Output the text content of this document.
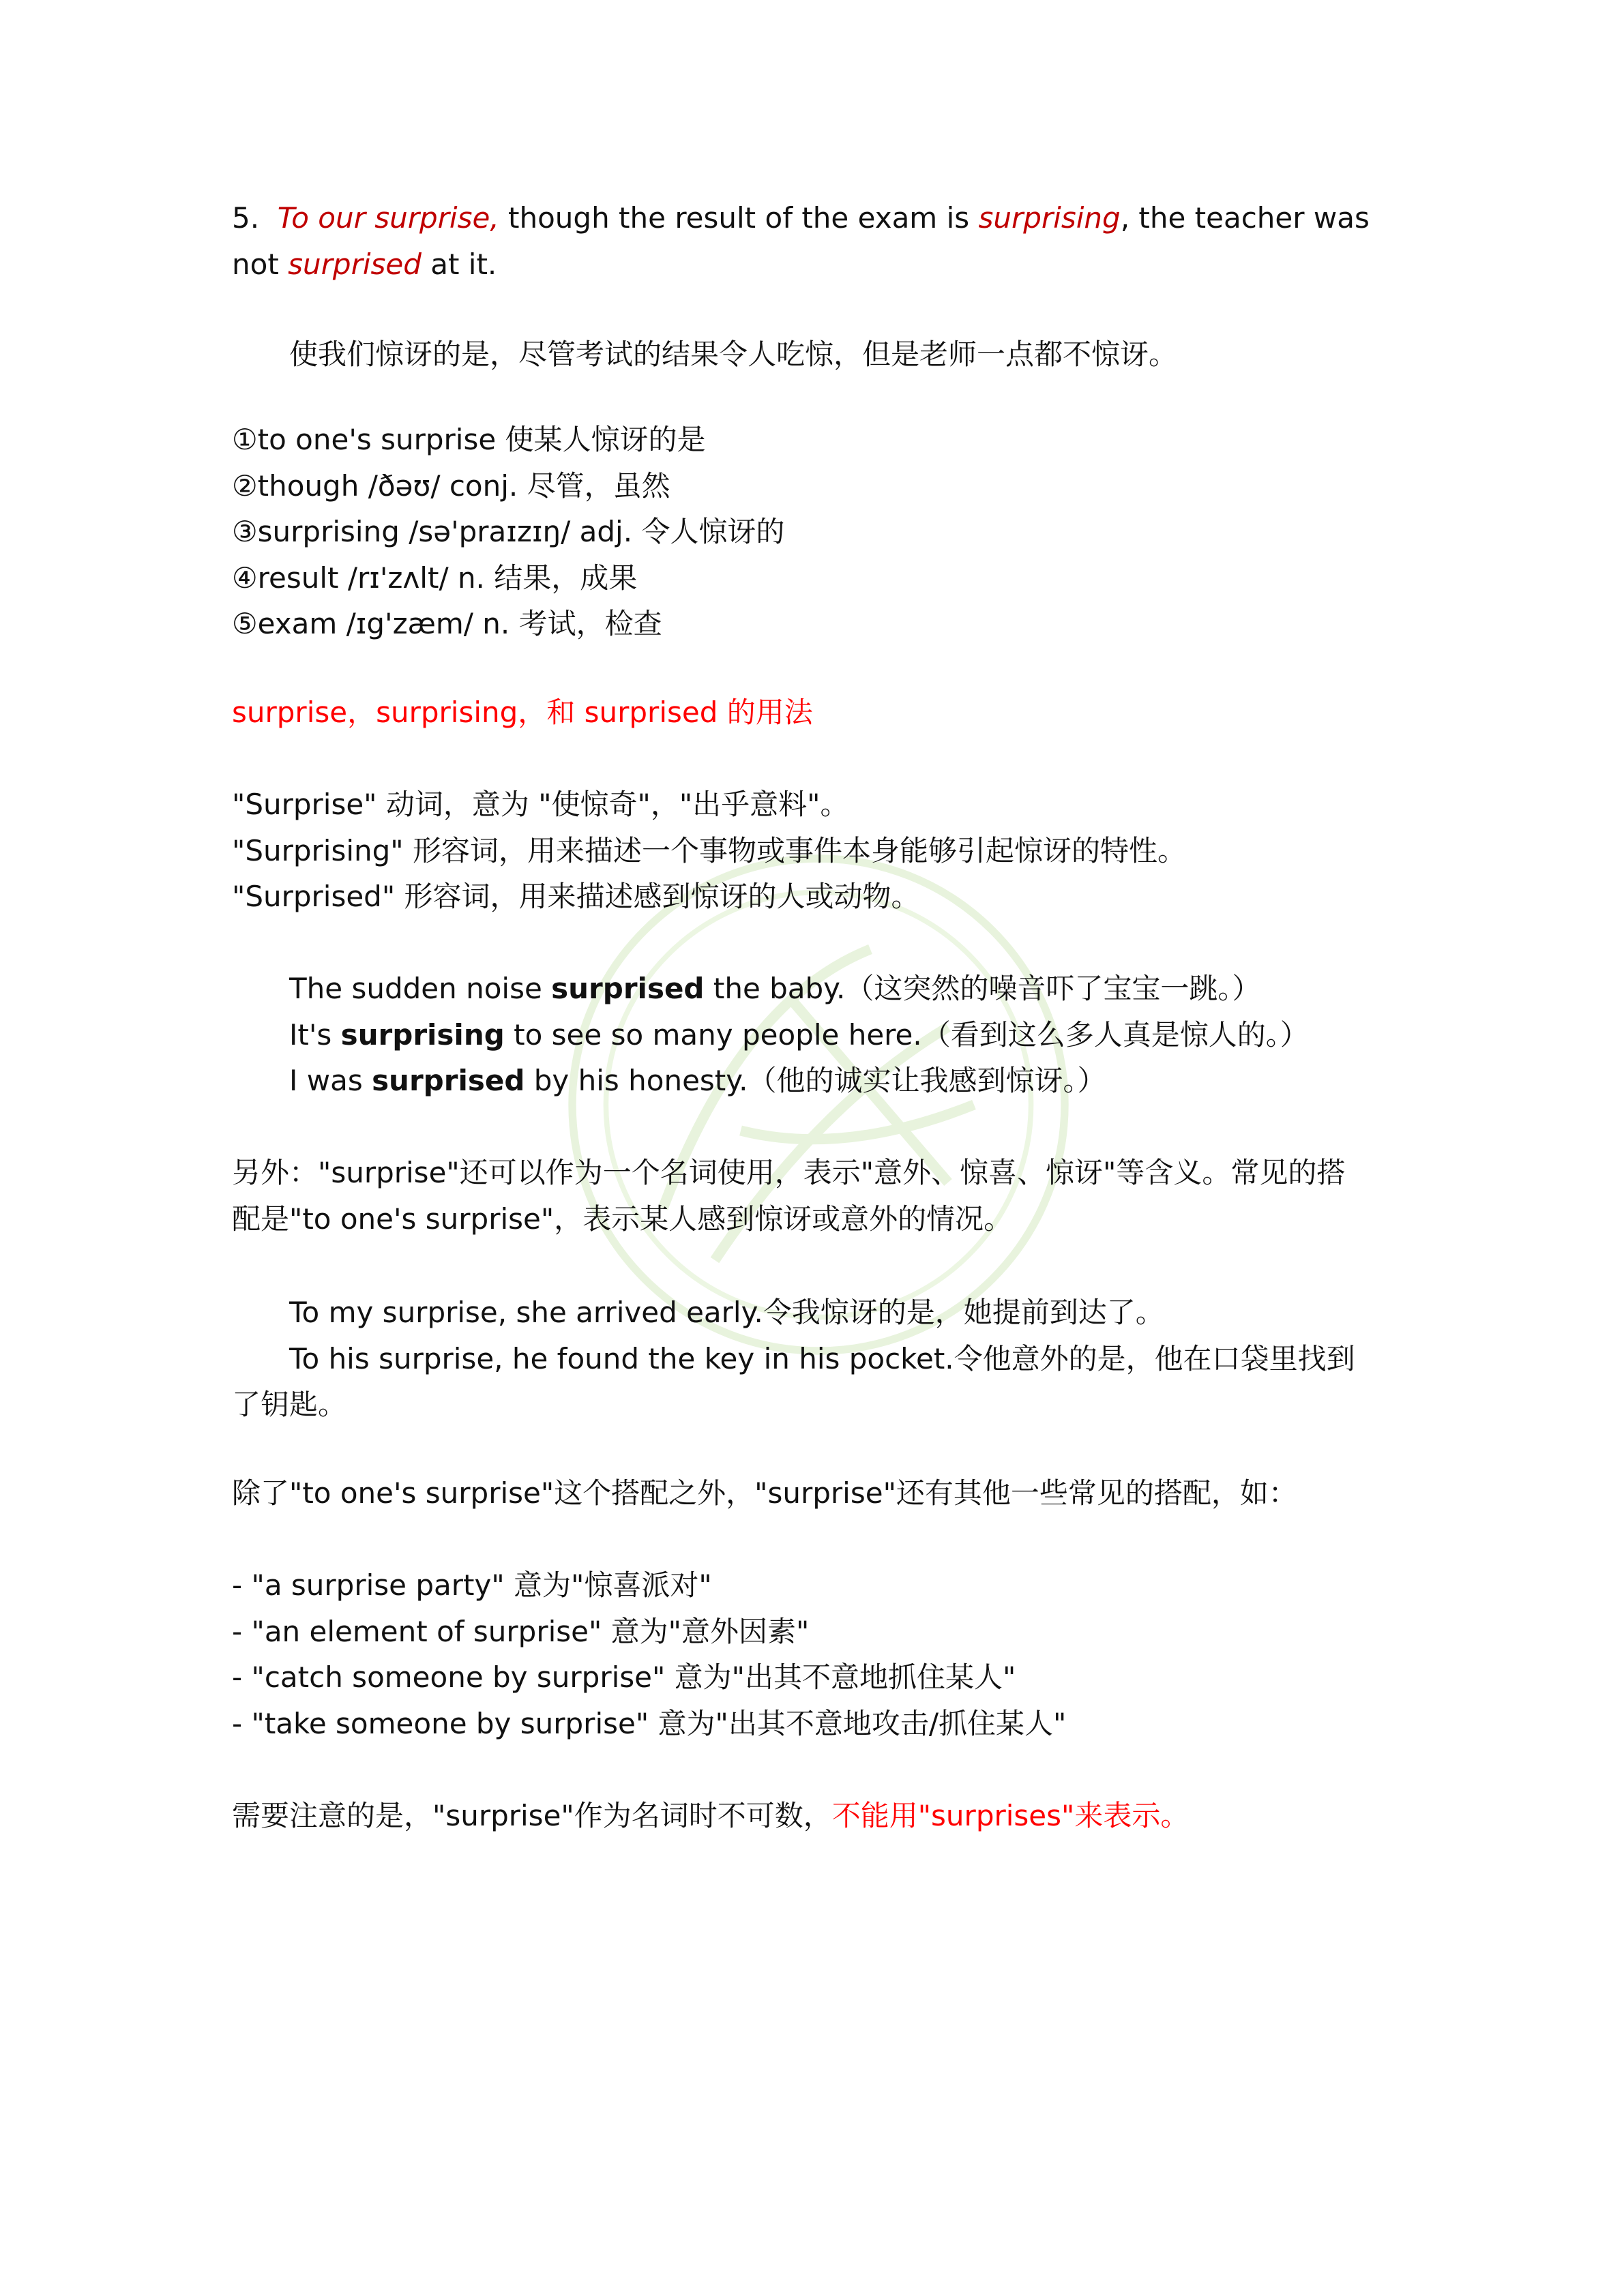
5. To our surprise, though the result of the exam is surprising, the teacher was
not surprised at it.
使我们惊讶的是，尽管考试的结果令人吃惊，但是老师一点都不惊讶。
①to one's surprise 使某人惊讶的是
②though /ðəʊ/ conj. 尽管，虽然
③surprising /sə'praɪzɪŋ/ adj. 令人惊讶的
④result /rɪ'zʌlt/ n. 结果，成果
⑤exam /ɪg'zæm/ n. 考试，检查
surprise，surprising，和 surprised 的用法
"Surprise" 动词，意为 "使惊奇"，"出乎意料"。
"Surprising" 形容词，用来描述一个事物或事件本身能够引起惊讶的特性。
"Surprised" 形容词，用来描述感到惊讶的人或动物。
The sudden noise surprised the baby.（这突然的噪音吓了宝宝一跳。）
It's surprising to see so many people here.（看到这么多人真是惊人的。）
I was surprised by his honesty.（他的诚实让我感到惊讶。）
另外："surprise"还可以作为一个名词使用，表示"意外、惊喜、惊讶"等含义。常见的搭
配是"to one's surprise"，表示某人感到惊讶或意外的情况。
To my surprise, she arrived early.令我惊讶的是，她提前到达了。
To his surprise, he found the key in his pocket.令他意外的是，他在口袋里找到
了钥匙。
除了"to one's surprise"这个搭配之外，"surprise"还有其他一些常见的搭配，如：
- "a surprise party" 意为"惊喜派对"
- "an element of surprise" 意为"意外因素"
- "catch someone by surprise" 意为"出其不意地抓住某人"
- "take someone by surprise" 意为"出其不意地攻击/抓住某人"
需要注意的是，"surprise"作为名词时不可数，不能用"surprises"来表示。
